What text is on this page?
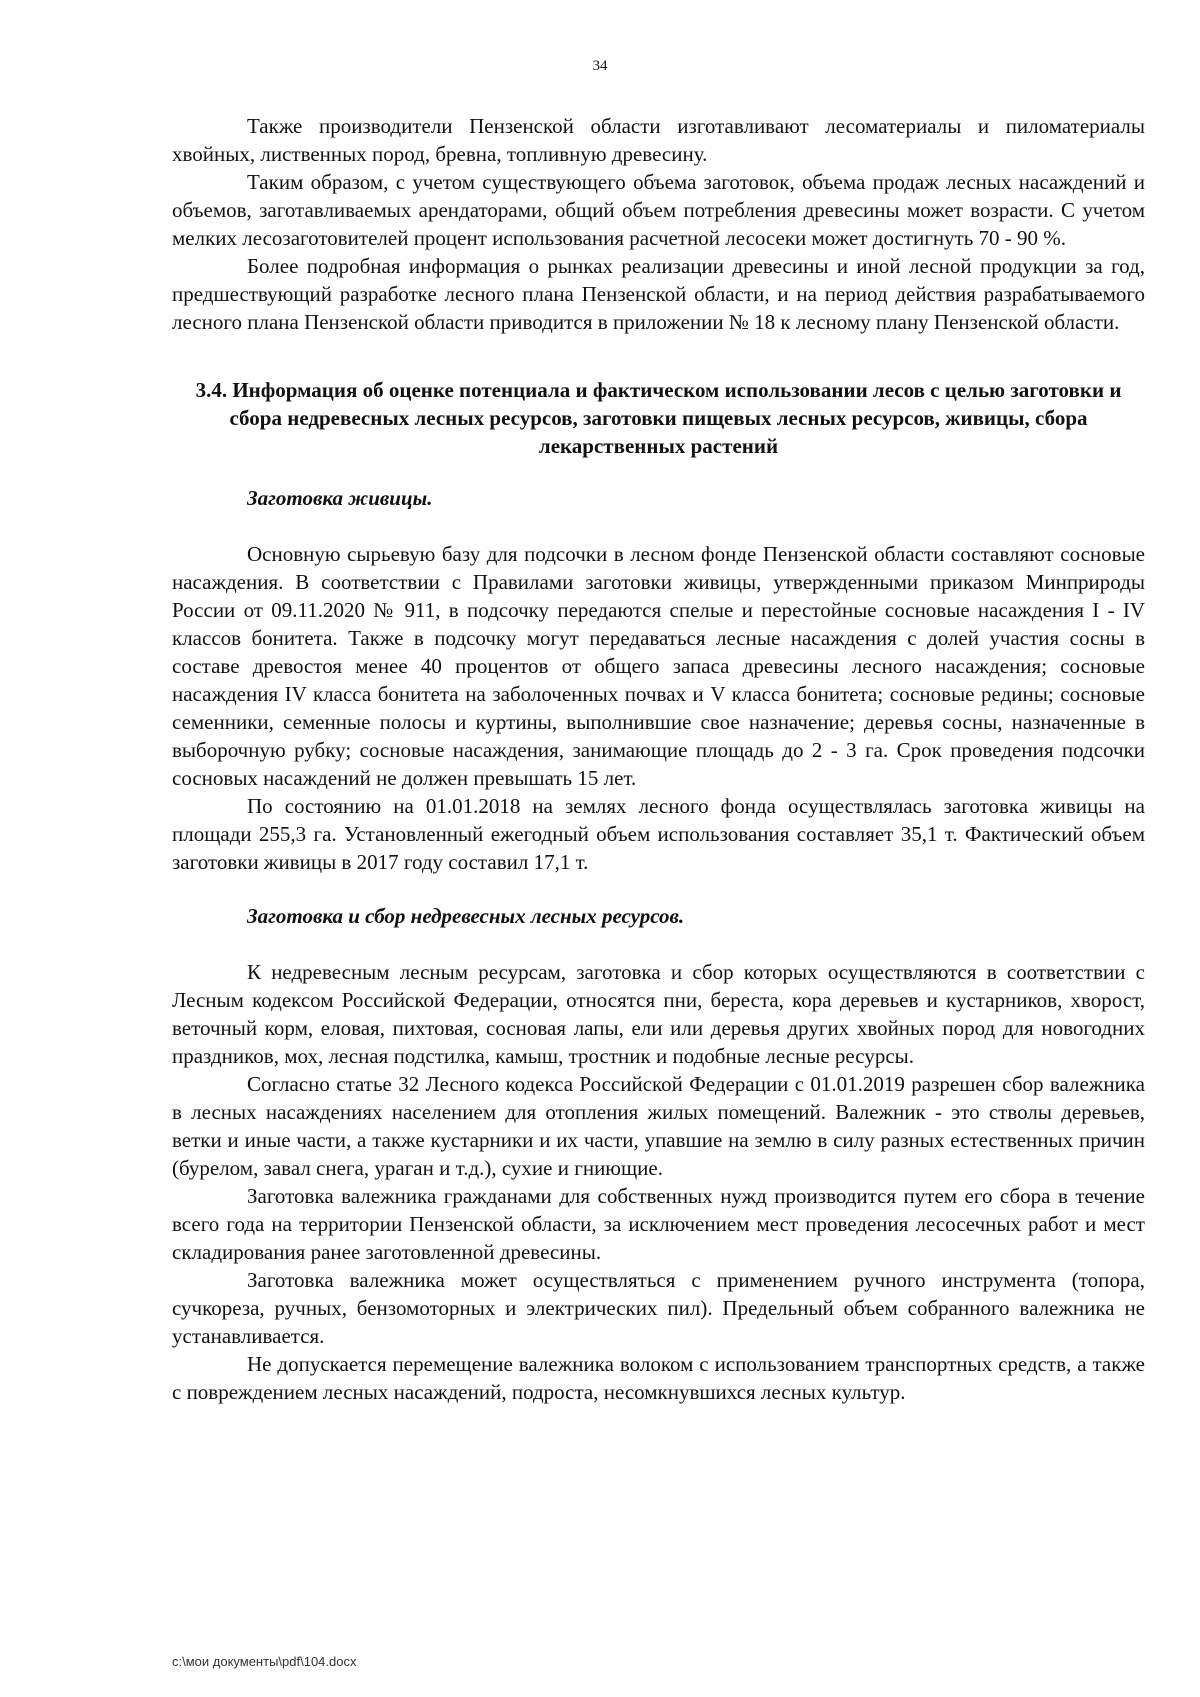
34

Также производители Пензенской области изготавливают лесоматериалы и пиломатериалы хвойных, лиственных пород, бревна, топливную древесину.

Таким образом, с учетом существующего объема заготовок, объема продаж лесных насаждений и объемов, заготавливаемых арендаторами, общий объем потребления древесины может возрасти. С учетом мелких лесозаготовителей процент использования расчетной лесосеки может достигнуть 70 - 90 %.

Более подробная информация о рынках реализации древесины и иной лесной продукции за год, предшествующий разработке лесного плана Пензенской области, и на период действия разрабатываемого лесного плана Пензенской области приводится в приложении № 18 к лесному плану Пензенской области.

3.4. Информация об оценке потенциала и фактическом использовании лесов с целью заготовки и сбора недревесных лесных ресурсов, заготовки пищевых лесных ресурсов, живицы, сбора лекарственных растений
Заготовка живицы.

Основную сырьевую базу для подсочки в лесном фонде Пензенской области составляют сосновые насаждения. В соответствии с Правилами заготовки живицы, утвержденными приказом Минприроды России от 09.11.2020 № 911, в подсочку передаются спелые и перестойные сосновые насаждения I - IV классов бонитета. Также в подсочку могут передаваться лесные насаждения с долей участия сосны в составе древостоя менее 40 процентов от общего запаса древесины лесного насаждения; сосновые насаждения IV класса бонитета на заболоченных почвах и V класса бонитета; сосновые редины; сосновые семенники, семенные полосы и куртины, выполнившие свое назначение; деревья сосны, назначенные в выборочную рубку; сосновые насаждения, занимающие площадь до 2 - 3 га. Срок проведения подсочки сосновых насаждений не должен превышать 15 лет.

По состоянию на 01.01.2018 на землях лесного фонда осуществлялась заготовка живицы на площади 255,3 га. Установленный ежегодный объем использования составляет 35,1 т. Фактический объем заготовки живицы в 2017 году составил 17,1 т.

Заготовка и сбор недревесных лесных ресурсов.

К недревесным лесным ресурсам, заготовка и сбор которых осуществляются в соответствии с Лесным кодексом Российской Федерации, относятся пни, береста, кора деревьев и кустарников, хворост, веточный корм, еловая, пихтовая, сосновая лапы, ели или деревья других хвойных пород для новогодних праздников, мох, лесная подстилка, камыш, тростник и подобные лесные ресурсы.

Согласно статье 32 Лесного кодекса Российской Федерации с 01.01.2019 разрешен сбор валежника в лесных насаждениях населением для отопления жилых помещений. Валежник - это стволы деревьев, ветки и иные части, а также кустарники и их части, упавшие на землю в силу разных естественных причин (бурелом, завал снега, ураган и т.д.), сухие и гниющие.

Заготовка валежника гражданами для собственных нужд производится путем его сбора в течение всего года на территории Пензенской области, за исключением мест проведения лесосечных работ и мест складирования ранее заготовленной древесины.

Заготовка валежника может осуществляться с применением ручного инструмента (топора, сучкореза, ручных, бензомоторных и электрических пил). Предельный объем собранного валежника не устанавливается.

Не допускается перемещение валежника волоком с использованием транспортных средств, а также с повреждением лесных насаждений, подроста, несомкнувшихся лесных культур.

c:\мои документы\pdf\104.docx
